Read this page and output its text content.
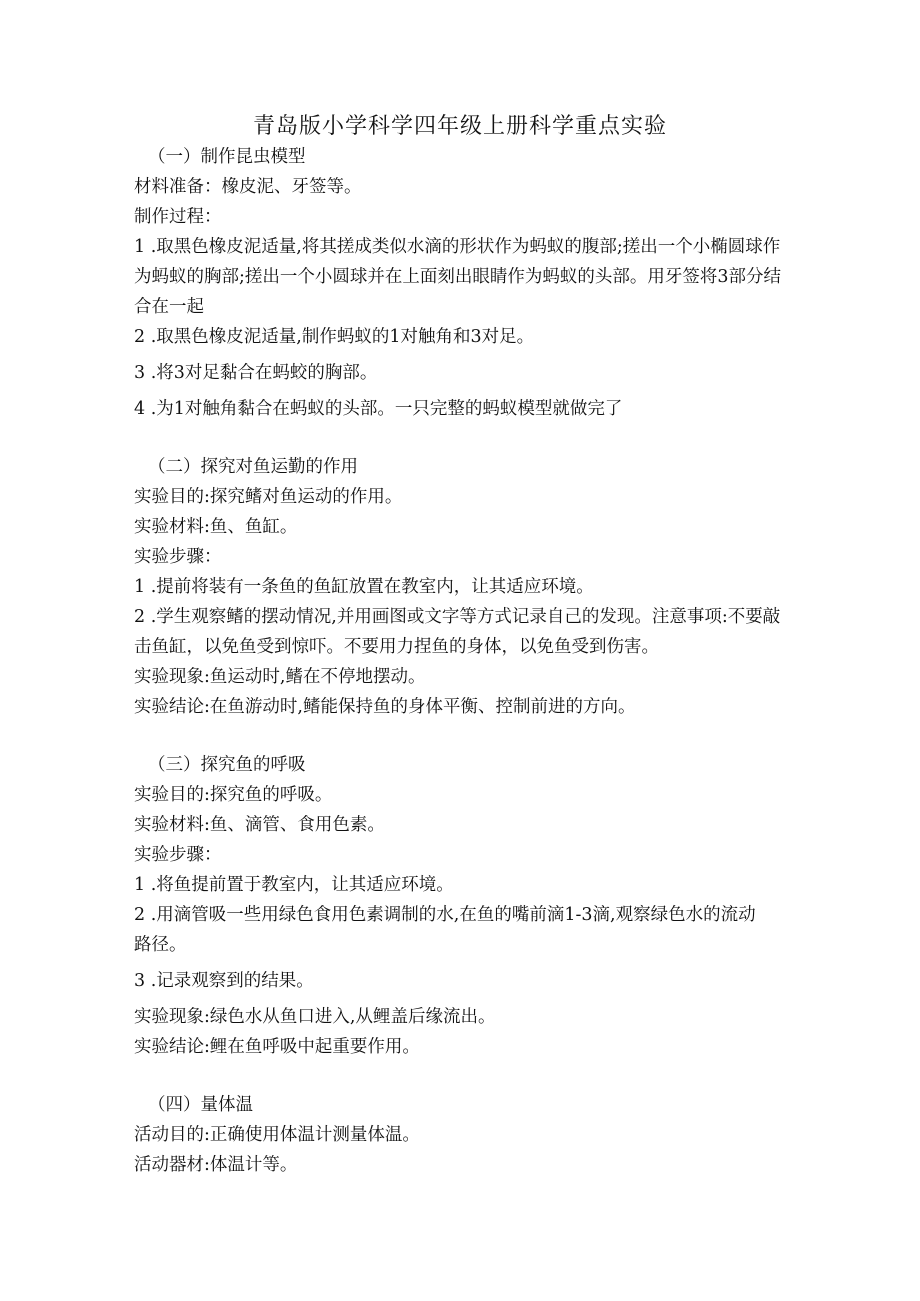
青岛版小学科学四年级上册科学重点实验

（一）制作昆虫模型

材料准备：橡皮泥、牙签等。

制作过程：

1 .取黑色橡皮泥适量,将其搓成类似水滴的形状作为蚂蚁的腹部;搓出一个小椭圆球作为蚂蚁的胸部;搓出一个小圆球并在上面刻出眼睛作为蚂蚁的头部。用牙签将3部分结合在一起

2 .取黑色橡皮泥适量,制作蚂蚁的1对触角和3对足。

3 .将3对足黏合在蚂蛟的胸部。

4 .为1对触角黏合在蚂蚁的头部。一只完整的蚂蚁模型就做完了

（二）探究对鱼运勤的作用

实验目的:探究鳍对鱼运动的作用。

实验材料:鱼、鱼缸。

实验步骤：

1 .提前将装有一条鱼的鱼缸放置在教室内，让其适应环境。

2 .学生观察鳍的摆动情况,并用画图或文字等方式记录自己的发现。注意事项:不要敲击鱼缸，以免鱼受到惊吓。不要用力捏鱼的身体，以免鱼受到伤害。

实验现象:鱼运动时,鳍在不停地摆动。

实验结论:在鱼游动时,鳍能保持鱼的身体平衡、控制前进的方向。

（三）探究鱼的呼吸

实验目的:探究鱼的呼吸。

实验材料:鱼、滴管、食用色素。

实验步骤：

1 .将鱼提前置于教室内，让其适应环境。

2 .用滴管吸一些用绿色食用色素调制的水,在鱼的嘴前滴1-3滴,观察绿色水的流动

路径。

3 .记录观察到的结果。

实验现象:绿色水从鱼口进入,从鲤盖后缘流出。

实验结论:鲤在鱼呼吸中起重要作用。

（四）量体温

活动目的:正确使用体温计测量体温。

活动器材:体温计等。
